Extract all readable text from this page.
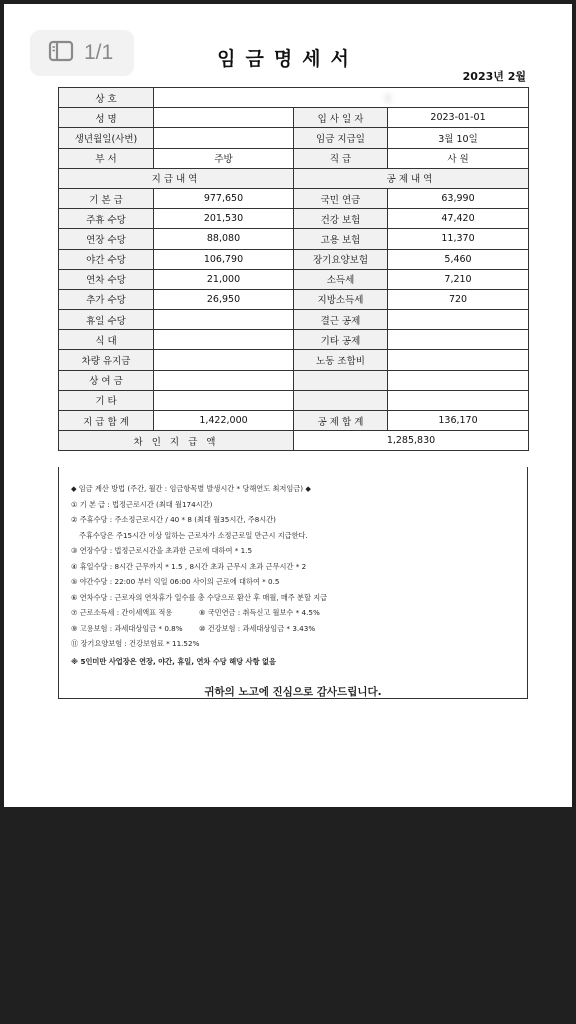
1/1	임금명세서
2023년 2월
상 호	점		
성 명		입 사 일 자	2023-01-01
생년월일(사번)		임금 지급일	3월 10일
부 서	주방	직 급	사 원
지급내역		공제내역	
기 본 급	977,650	국민 연금	63,990
주휴 수당	201,530	건강 보험	47,420
연장 수당	88,080	고용 보험	11,370
야간 수당	106,790	장기요양보험	5,460
연차 수당	21,000	소득세	7,210
추가 수당	26,950	지방소득세	720
휴일 수당		결근 공제	
식 대		기타 공제	
차량 유지금		노동 조합비	
상 여 금			
기 타			
지 급 합 계	1,422,000	공 제 합 계	136,170
차 인 지 급 액		1,285,830	
◆ 임금 계산 방법 (주간, 월간 : 임금항목별 발생시간 * 당해연도 최저임금) ◆
① 기 본 급 : 법정근로시간 (최대 월174시간)
② 주휴수당 : 주소정근로시간 / 40 * 8 (최대 월35시간, 주8시간)
주휴수당은 주15시간 이상 일하는 근로자가 소정근로일 만근시 지급한다.
③ 연장수당 : 법정근로시간을 초과한 근로에 대하여 * 1.5
④ 휴일수당 : 8시간 근무까지 * 1.5 , 8시간 초과 근무시 초과 근무시간 * 2
⑤ 야간수당 : 22:00 부터 익일 06:00 사이의 근로에 대하여 * 0.5
⑥ 연차수당 : 근로자의 연차휴가 일수를 총 수당으로 환산 후 매월, 매주 분할 지급
⑦ 근로소득세 : 간이세액표 적용	⑧ 국민연금 : 취득신고 월보수 * 4.5%
⑨ 고용보험 : 과세대상임금 * 0.8%	⑩ 건강보험 : 과세대상임금 * 3.43%
⑪ 장기요양보험 : 건강보험료 * 11.52%
※ 5인미만 사업장은 연장, 야간, 휴일, 연차 수당 해당 사항 없음
귀하의 노고에 진심으로 감사드립니다.
